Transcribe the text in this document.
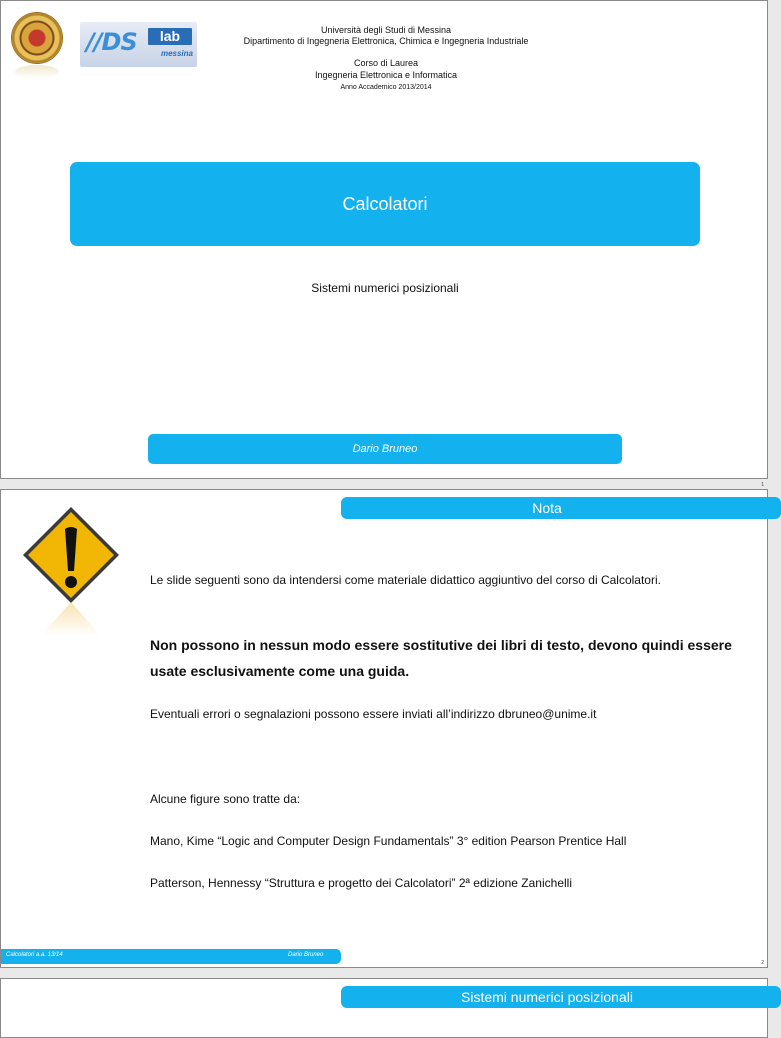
//DS	lab
messina
Università degli Studi di Messina
Dipartimento di Ingegneria Elettronica, Chimica e Ingegneria Industriale
Corso di Laurea
Ingegneria Elettronica e Informatica
Anno Accademico 2013/2014
Calcolatori
Sistemi numerici posizionali
Dario Bruneo
1
Nota
Le slide seguenti sono da intendersi come materiale didattico aggiuntivo del corso di Calcolatori.
Non possono in nessun modo essere sostitutive dei libri di testo, devono quindi essere usate esclusivamente come una guida.
Eventuali errori o segnalazioni possono essere inviati all’indirizzo dbruneo@unime.it
Alcune figure sono tratte da:
Mano, Kime “Logic and Computer Design Fundamentals” 3° edition Pearson Prentice Hall
Patterson, Hennessy “Struttura e progetto dei Calcolatori” 2ª edizione Zanichelli
Calcolatori a.a. 13/14	Dario Bruneo
2
Sistemi numerici posizionali
